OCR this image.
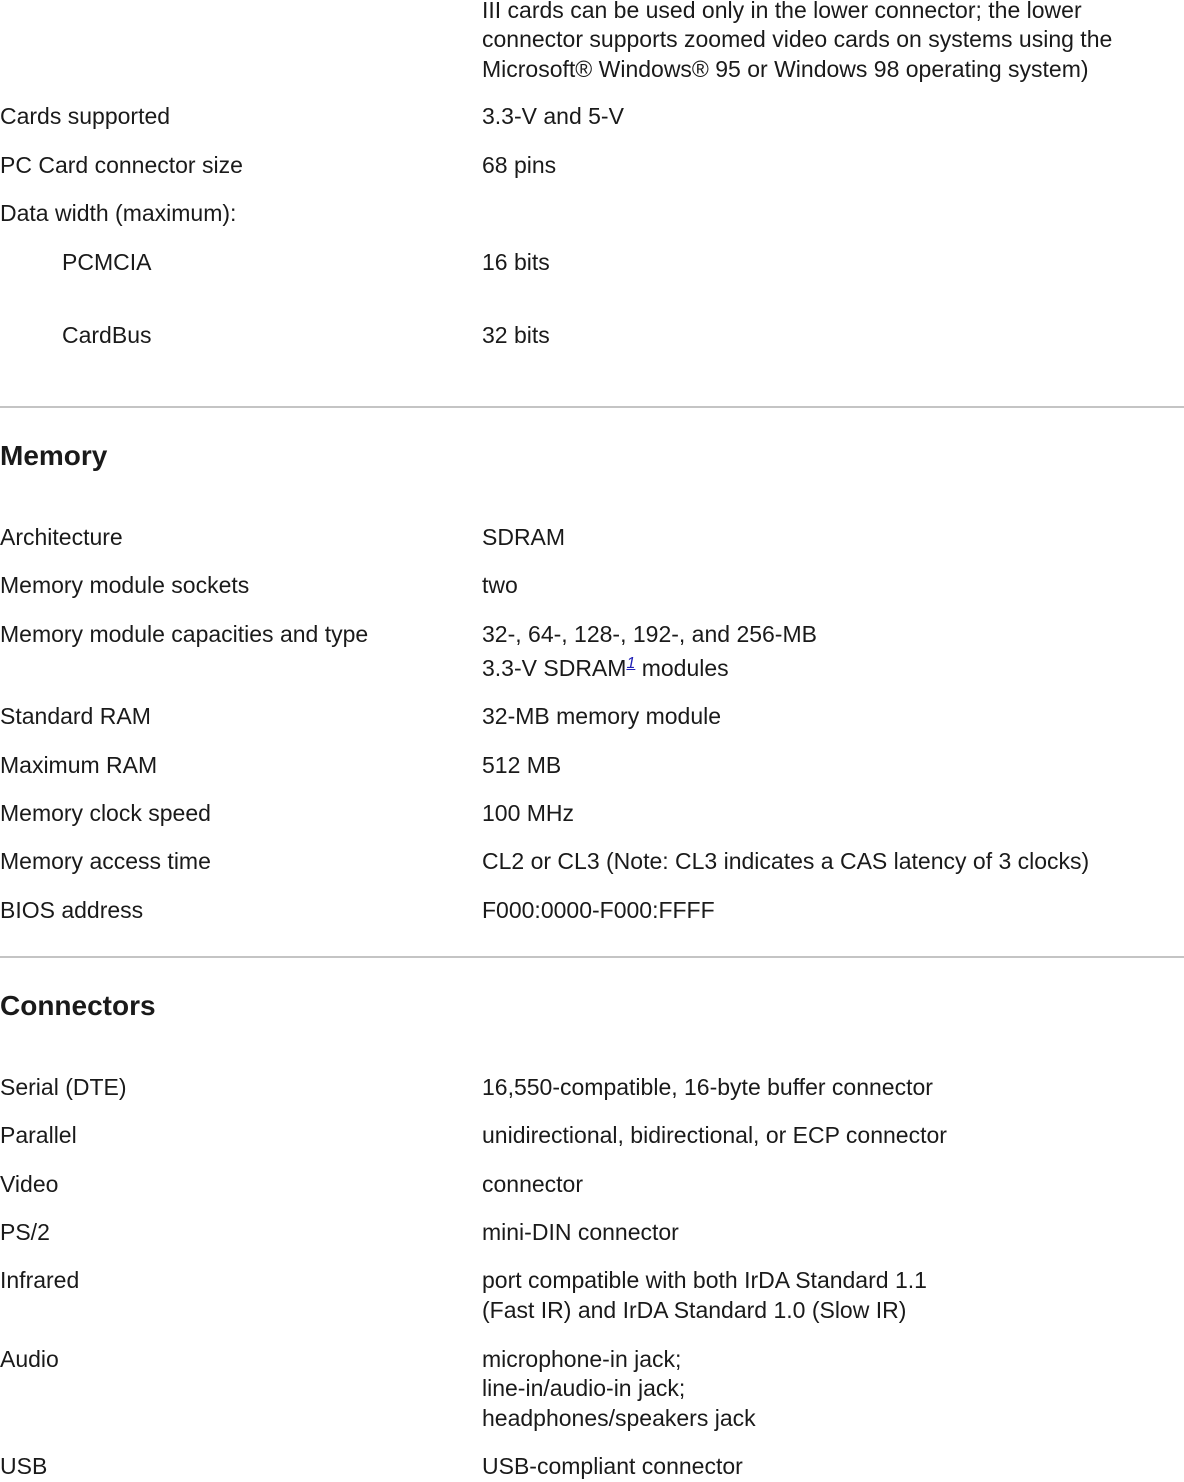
III cards can be used only in the lower connector; the lower
connector supports zoomed video cards on systems using the
Microsoft® Windows® 95 or Windows 98 operating system)
Cards supported	3.3-V and 5-V
PC Card connector size	68 pins
Data width (maximum):
PCMCIA	16 bits
CardBus	32 bits
Memory
Architecture	SDRAM
Memory module sockets	two
Memory module capacities and type	32-, 64-, 128-, 192-, and 256-MB
3.3-V SDRAM$^1$ modules
Standard RAM	32-MB memory module
Maximum RAM	512 MB
Memory clock speed	100 MHz
Memory access time	CL2 or CL3 (Note: CL3 indicates a CAS latency of 3 clocks)
BIOS address	F000:0000-F000:FFFF
Connectors
Serial (DTE)	16,550-compatible, 16-byte buffer connector
Parallel	unidirectional, bidirectional, or ECP connector
Video	connector
PS/2	mini-DIN connector
Infrared	port compatible with both IrDA Standard 1.1
(Fast IR) and IrDA Standard 1.0 (Slow IR)
Audio	microphone-in jack;
line-in/audio-in jack;
headphones/speakers jack
USB	USB-compliant connector
